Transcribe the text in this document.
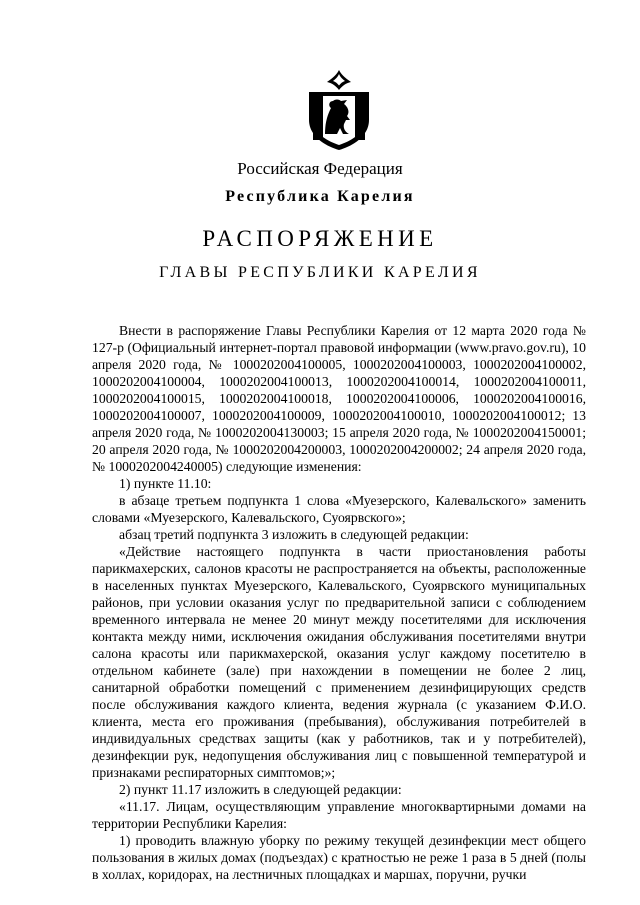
Российская Федерация
Республика Карелия
РАСПОРЯЖЕНИЕ
ГЛАВЫ РЕСПУБЛИКИ КАРЕЛИЯ

Внести в распоряжение Главы Республики Карелия от 12 марта 2020 года № 127-р (Официальный интернет-портал правовой информации (www.pravo.gov.ru), 10 апреля 2020 года, № 1000202004100005, 1000202004100003, 1000202004100002, 1000202004100004, 1000202004100013, 1000202004100014, 1000202004100011, 1000202004100015, 1000202004100018, 1000202004100006, 1000202004100016, 1000202004100007, 1000202004100009, 1000202004100010, 1000202004100012; 13 апреля 2020 года, № 1000202004130003; 15 апреля 2020 года, № 1000202004150001; 20 апреля 2020 года, № 1000202004200003, 1000202004200002; 24 апреля 2020 года, № 1000202004240005) следующие изменения:

1) пункте 11.10:

в абзаце третьем подпункта 1 слова «Муезерского, Калевальского» заменить словами «Муезерского, Калевальского, Суоярвского»;

абзац третий подпункта 3 изложить в следующей редакции:

«Действие настоящего подпункта в части приостановления работы парикмахерских, салонов красоты не распространяется на объекты, расположенные в населенных пунктах Муезерского, Калевальского, Суоярвского муниципальных районов, при условии оказания услуг по предварительной записи с соблюдением временного интервала не менее 20 минут между посетителями для исключения контакта между ними, исключения ожидания обслуживания посетителями внутри салона красоты или парикмахерской, оказания услуг каждому посетителю в отдельном кабинете (зале) при нахождении в помещении не более 2 лиц, санитарной обработки помещений с применением дезинфицирующих средств после обслуживания каждого клиента, ведения журнала (с указанием Ф.И.О. клиента, места его проживания (пребывания), обслуживания потребителей в индивидуальных средствах защиты (как у работников, так и у потребителей), дезинфекции рук, недопущения обслуживания лиц с повышенной температурой и признаками респираторных симптомов;»;

2) пункт 11.17 изложить в следующей редакции:

«11.17. Лицам, осуществляющим управление многоквартирными домами на территории Республики Карелия:

1) проводить влажную уборку по режиму текущей дезинфекции мест общего пользования в жилых домах (подъездах) с кратностью не реже 1 раза в 5 дней (полы в холлах, коридорах, на лестничных площадках и маршах, поручни, ручки
